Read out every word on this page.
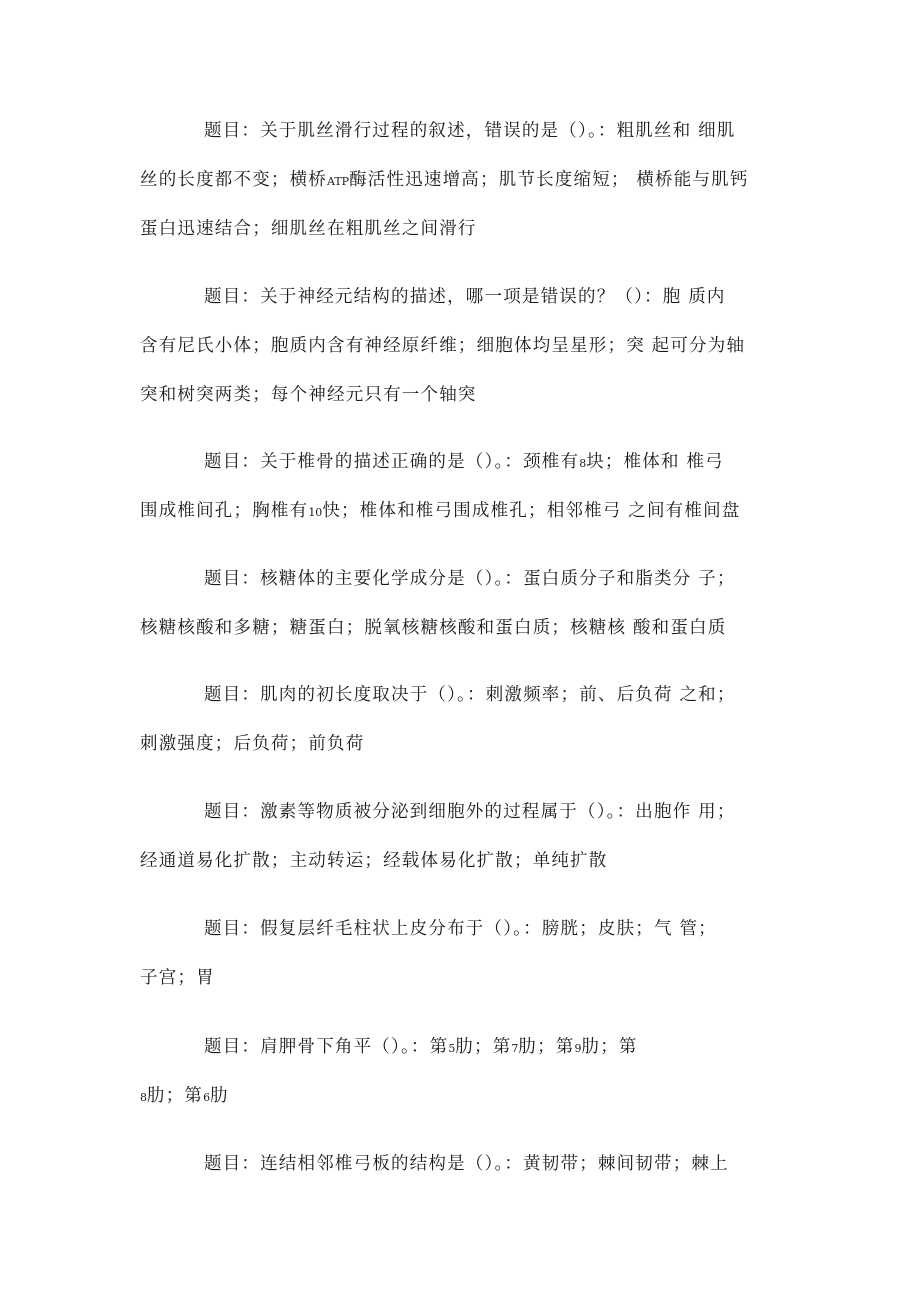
题目：关于肌丝滑行过程的叙述，错误的是（）。：粗肌丝和 细肌
丝的长度都不变；横桥ATP酶活性迅速增高；肌节长度缩短； 横桥能与肌钙
蛋白迅速结合；细肌丝在粗肌丝之间滑行
题目：关于神经元结构的描述，哪一项是错误的？（）：胞 质内
含有尼氏小体；胞质内含有神经原纤维；细胞体均呈星形；突 起可分为轴
突和树突两类；每个神经元只有一个轴突
题目：关于椎骨的描述正确的是（）。：颈椎有8块；椎体和 椎弓
围成椎间孔；胸椎有10快；椎体和椎弓围成椎孔；相邻椎弓 之间有椎间盘
题目：核糖体的主要化学成分是（）。：蛋白质分子和脂类分 子；
核糖核酸和多糖；糖蛋白；脱氧核糖核酸和蛋白质；核糖核 酸和蛋白质
题目：肌肉的初长度取决于（）。：刺激频率；前、后负荷 之和；
刺激强度；后负荷；前负荷
题目：激素等物质被分泌到细胞外的过程属于（）。：出胞作 用；
经通道易化扩散；主动转运；经载体易化扩散；单纯扩散
题目：假复层纤毛柱状上皮分布于（）。：膀胱；皮肤；气 管；
子宫；胃
题目：肩胛骨下角平（）。：第5肋；第7肋；第9肋；第
8肋；第6肋
题目：连结相邻椎弓板的结构是（）。：黄韧带；棘间韧带；棘上
